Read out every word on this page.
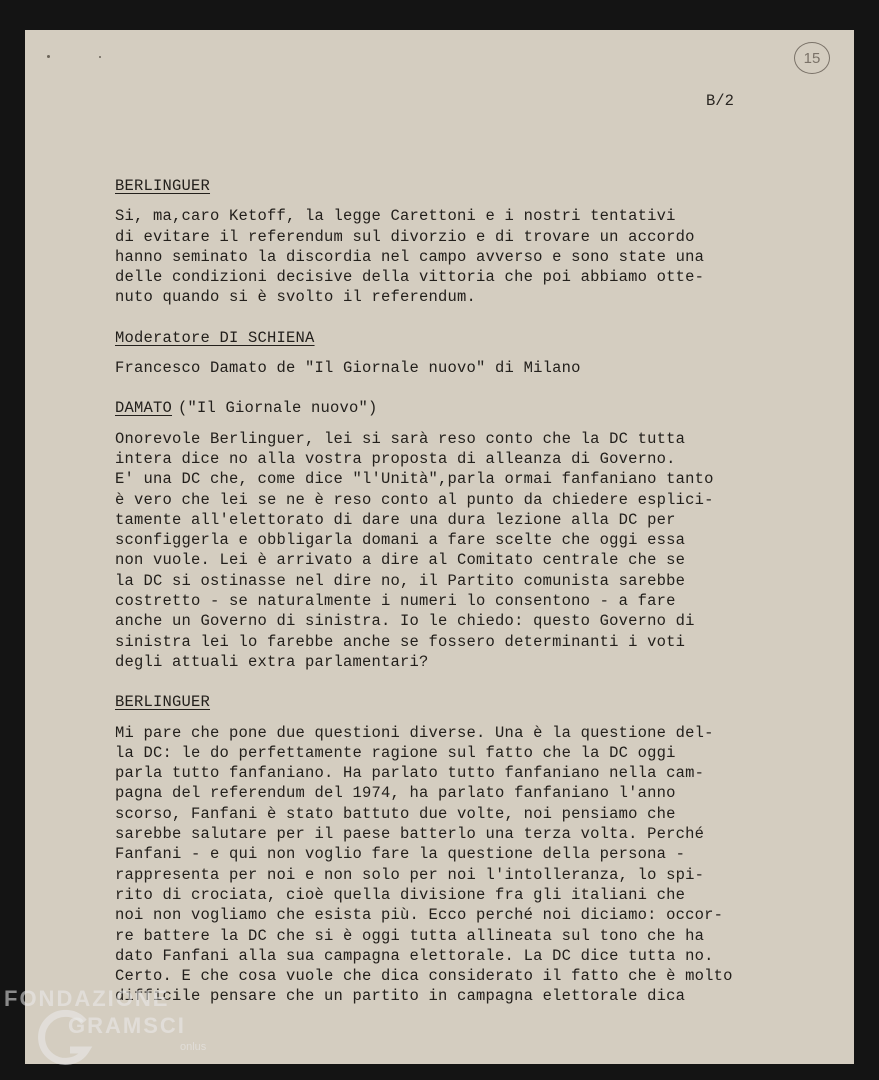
15
B/2
BERLINGUER
Si, ma,caro Ketoff, la legge Carettoni e i nostri tentativi
di evitare il referendum sul divorzio e di trovare un accordo
hanno seminato la discordia nel campo avverso e sono state una
delle condizioni decisive della vittoria che poi abbiamo otte-
nuto quando si è svolto il referendum.
Moderatore DI SCHIENA
Francesco Damato de "Il Giornale nuovo" di Milano
DAMATO ("Il Giornale nuovo")
Onorevole Berlinguer, lei si sarà reso conto che la DC tutta
intera dice no alla vostra proposta di alleanza di Governo.
E' una DC che, come dice "l'Unità",parla ormai fanfaniano tanto
è vero che lei se ne è reso conto al punto da chiedere esplici-
tamente all'elettorato di dare una dura lezione alla DC per
sconfiggerla e obbligarla domani a fare scelte che oggi essa
non vuole. Lei è arrivato a dire al Comitato centrale che se
la DC si ostinasse nel dire no, il Partito comunista sarebbe
costretto - se naturalmente i numeri lo consentono - a fare
anche un Governo di sinistra. Io le chiedo: questo Governo di
sinistra lei lo farebbe anche se fossero determinanti i voti
degli attuali extra parlamentari?
BERLINGUER
Mi pare che pone due questioni diverse. Una è la questione del-
la DC: le do perfettamente ragione sul fatto che la DC oggi
parla tutto fanfaniano. Ha parlato tutto fanfaniano nella cam-
pagna del referendum del 1974, ha parlato fanfaniano l'anno
scorso, Fanfani è stato battuto due volte, noi pensiamo che
sarebbe salutare per il paese batterlo una terza volta. Perché
Fanfani - e qui non voglio fare la questione della persona -
rappresenta per noi e non solo per noi l'intolleranza, lo spi-
rito di crociata, cioè quella divisione fra gli italiani che
noi non vogliamo che esista più. Ecco perché noi diciamo: occor-
re battere la DC che si è oggi tutta allineata sul tono che ha
dato Fanfani alla sua campagna elettorale. La DC dice tutta no.
Certo. E che cosa vuole che dica considerato il fatto che è molto
difficile pensare che un partito in campagna elettorale dica
FONDAZIONE
GRAMSCI
onlus
